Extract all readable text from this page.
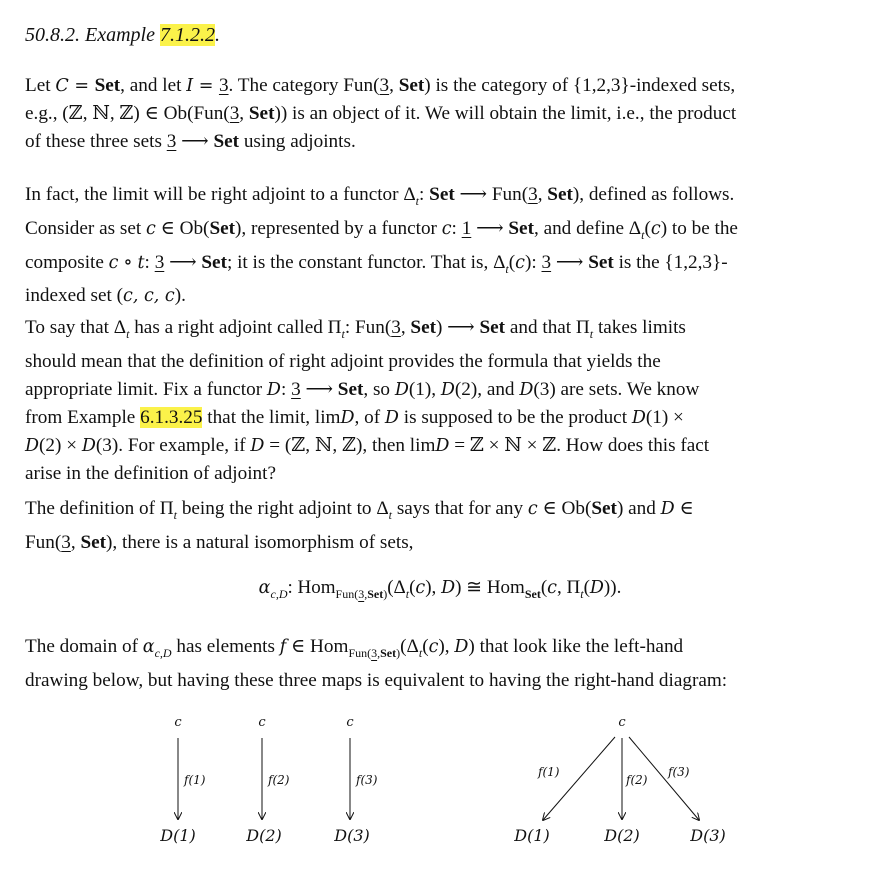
50.8.2. Example 7.1.2.2.
Let C = Set, and let I = 3. The category Fun(3, Set) is the category of {1,2,3}-indexed sets,
e.g., (ℤ, ℕ, ℤ) ∈ Ob(Fun(3, Set)) is an object of it. We will obtain the limit, i.e., the product
of these three sets 3 ⟶ Set using adjoints.
In fact, the limit will be right adjoint to a functor $\Delta_t$: Set ⟶ Fun(3, Set), defined as follows.
Consider as set c ∈ Ob(Set), represented by a functor c: 1 ⟶ Set, and define $\Delta_t(c)$ to be the
composite c ∘ t: 3 ⟶ Set; it is the constant functor. That is, $\Delta_t(c)$: 3 ⟶ Set is the {1,2,3}-
indexed set (c, c, c).
To say that $\Delta_t$ has a right adjoint called $\Pi_t$: Fun(3, Set) ⟶ Set and that $\Pi_t$ takes limits
should mean that the definition of right adjoint provides the formula that yields the
appropriate limit. Fix a functor D: 3 ⟶ Set, so D(1), D(2), and D(3) are sets. We know
from Example 6.1.3.25 that the limit, limD, of D is supposed to be the product D(1) ×
D(2) × D(3). For example, if D = (ℤ, ℕ, ℤ), then limD = ℤ × ℕ × ℤ. How does this fact
arise in the definition of adjoint?
The definition of $\Pi_t$ being the right adjoint to $\Delta_t$ says that for any c ∈ Ob(Set) and D ∈
Fun(3, Set), there is a natural isomorphism of sets,
$\alpha_{c,D}$: $Hom_{Fun(3,Set)}(\Delta_t(c)$, D) ≅ Hom$_{Set}$(c, $\Pi_t(D)$).
The domain of $\alpha_{c,D}$ has elements f ∈ $Hom_{Fun(3,Set)}(\Delta_t(c)$, D) that look like the left-hand
drawing below, but having these three maps is equivalent to having the right-hand diagram:
c
f(1)
D(1)
c
f(2)
D(2)
c
f(3)
D(3)
c
f(1)
f(2)
f(3)
D(1)	D(2)	D(3)
